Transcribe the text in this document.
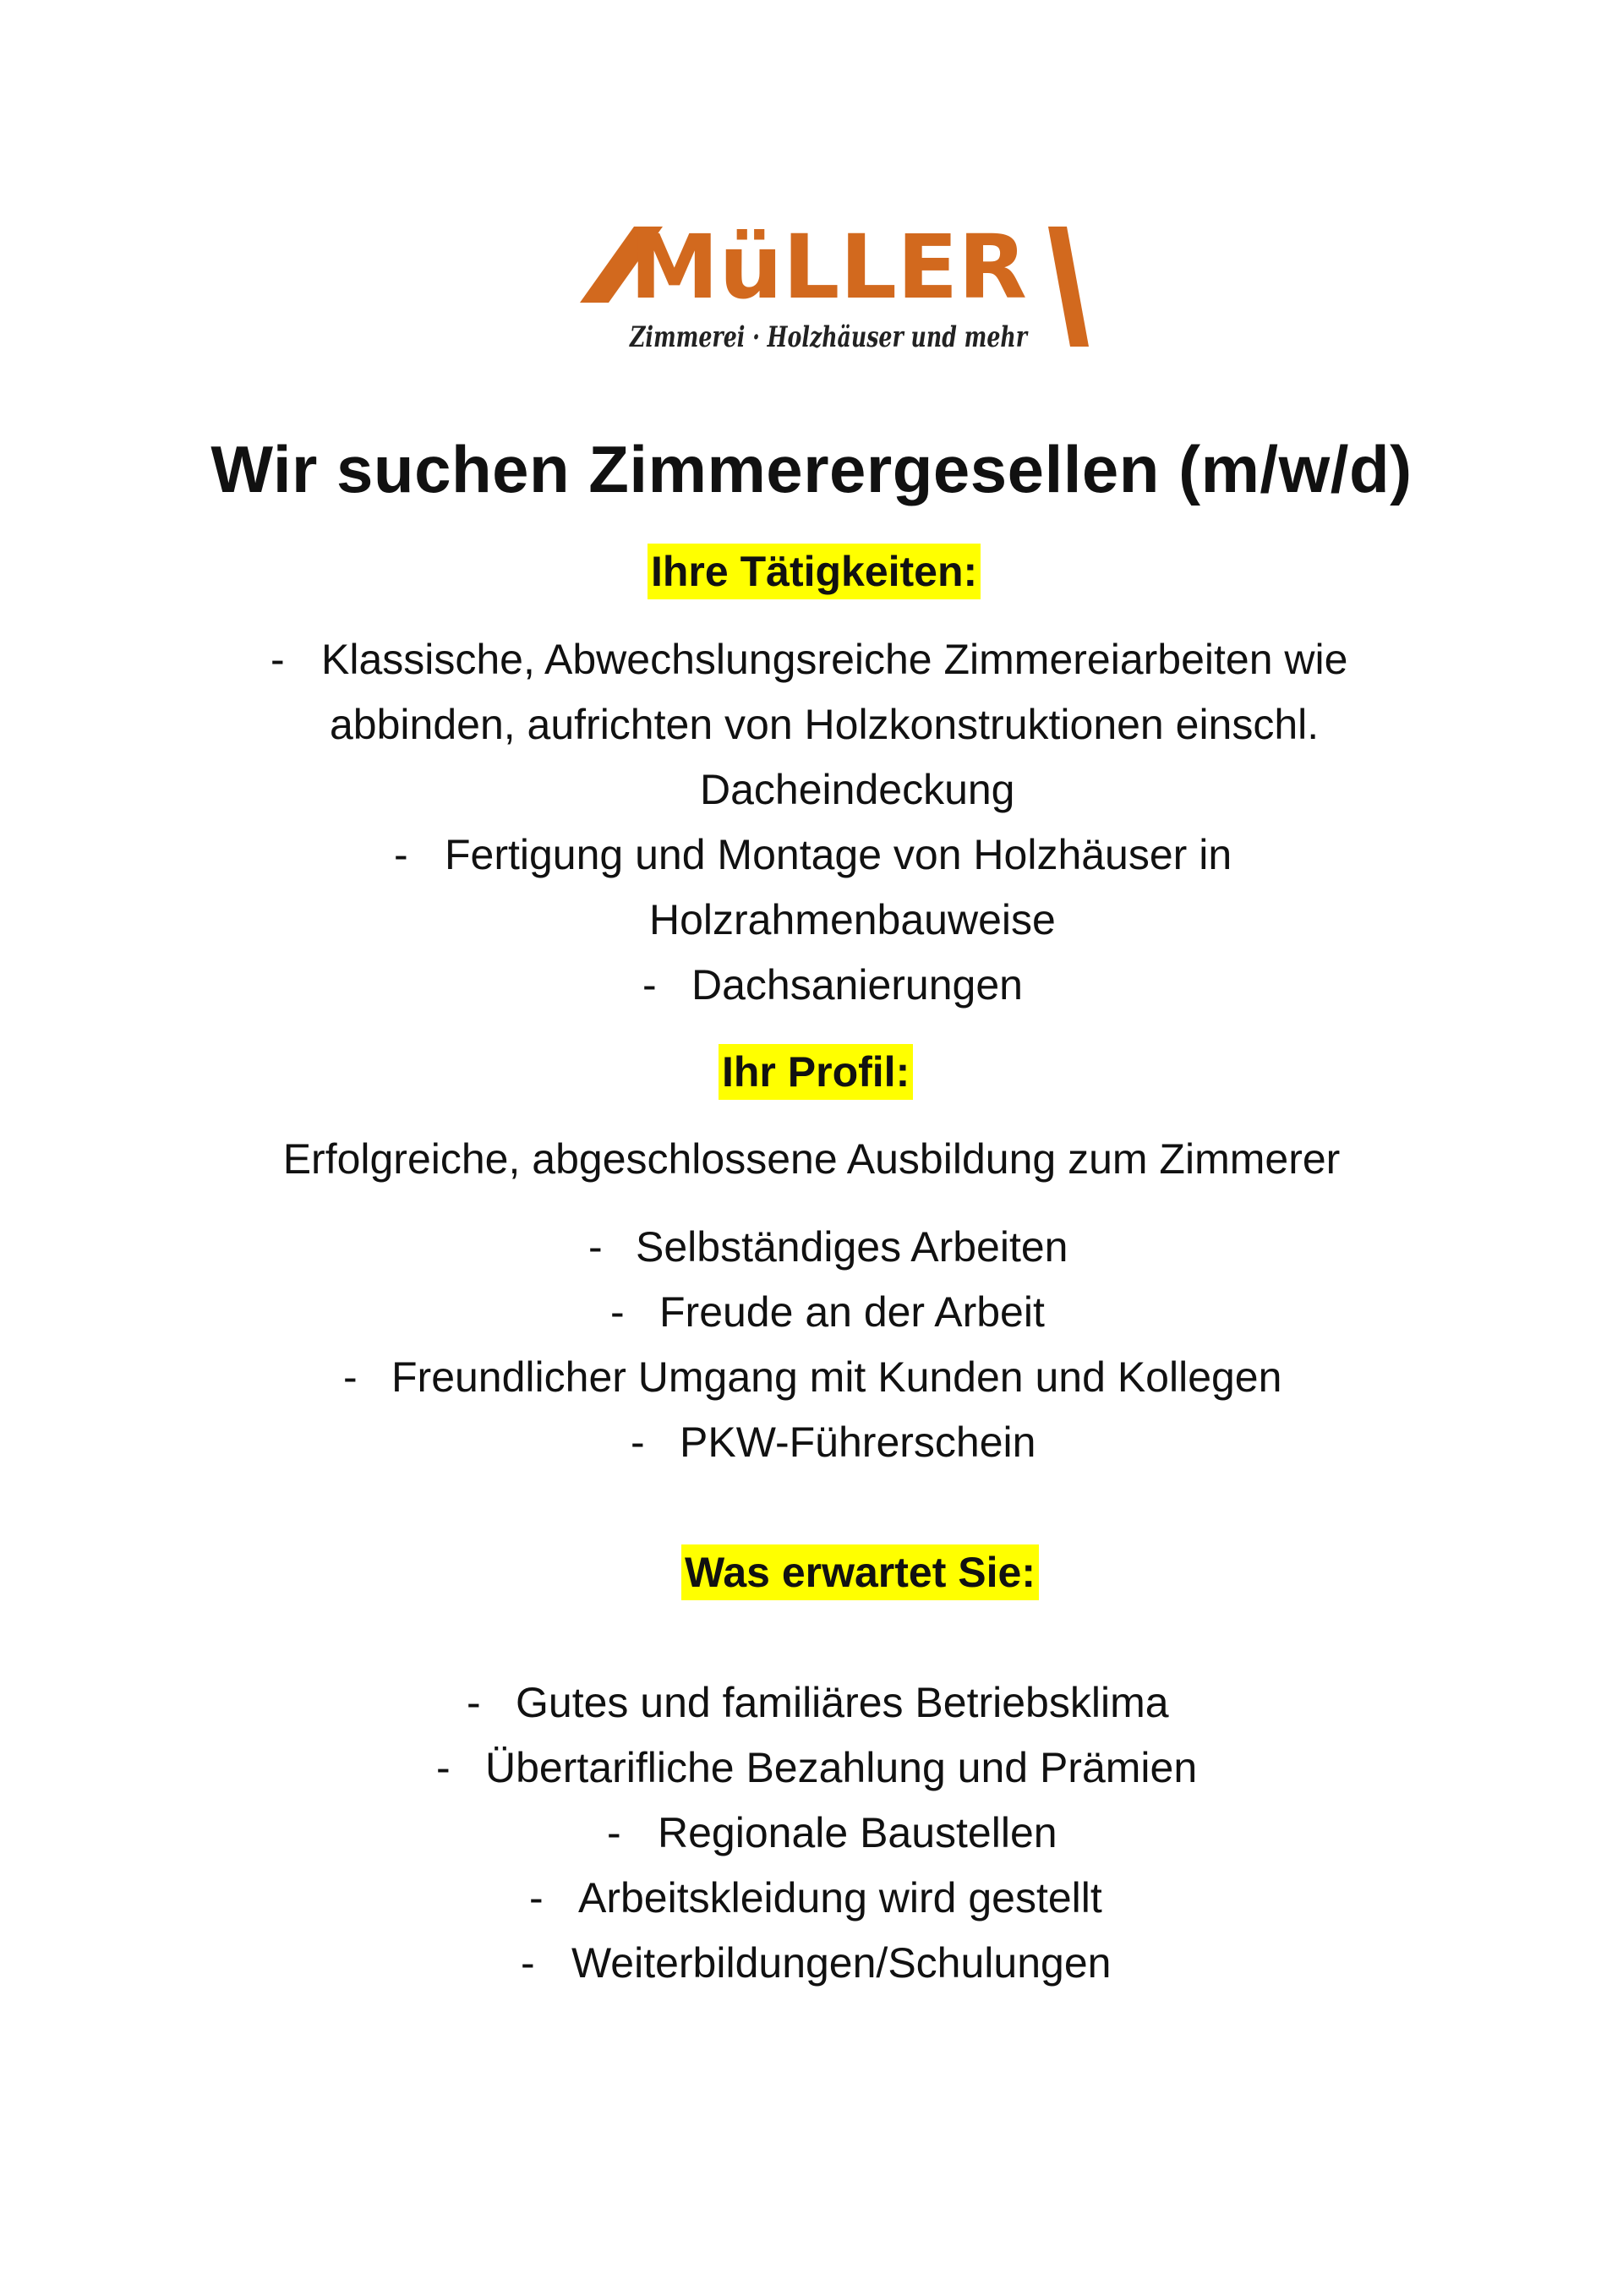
MüLLER
Zimmerei · Holzhäuser und mehr
Wir suchen Zimmerergesellen (m/w/d)
Ihre Tätigkeiten:
- Klassische, Abwechslungsreiche Zimmereiarbeiten wie
abbinden, aufrichten von Holzkonstruktionen einschl.
Dacheindeckung
- Fertigung und Montage von Holzhäuser in
Holzrahmenbauweise
- Dachsanierungen
Ihr Profil:
Erfolgreiche, abgeschlossene Ausbildung zum Zimmerer
- Selbständiges Arbeiten
- Freude an der Arbeit
- Freundlicher Umgang mit Kunden und Kollegen
- PKW-Führerschein
Was erwartet Sie:
- Gutes und familiäres Betriebsklima
- Übertarifliche Bezahlung und Prämien
- Regionale Baustellen
- Arbeitskleidung wird gestellt
- Weiterbildungen/Schulungen
